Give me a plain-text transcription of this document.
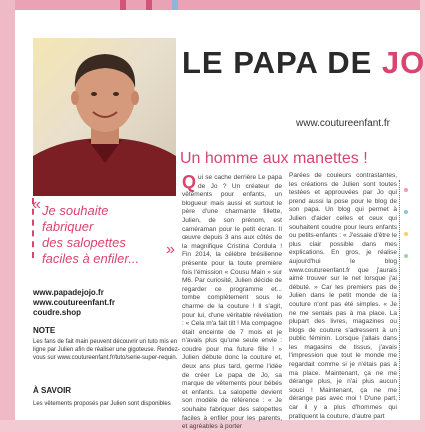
LE PAPA DE JO
www.coutureenfant.fr
Un homme aux manettes !
« Je souhaite
fabriquer
des salopettes
faciles à enfiler...
»
www.papadejojo.fr
www.coutureenfant.fr
coudre.shop
NOTE
Les fans de fait main peuvent découvrir un tuto mis en ligne par Julien afin de réaliser une gigoteuse. Rendez-vous sur www.coutureenfant.fr/tuto/serie-super-requin.
À SAVOIR
Les vêtements proposés par Julien sont disponibles

Qui se cache derrière Le papa de Jo ? Un créateur de vêtements pour enfants, un blogueur mais aussi et surtout le père d'une charmante fillette, Julien, de son prénom, est caméraman pour le petit écran. Il œuvre depuis 3 ans aux côtés de la magnifique Cristina Cordula ! Fin 2014, la célèbre brésilienne présente pour la toute première fois l'émission « Cousu Main » sur M6. Par curiosité, Julien décide de regarder ce programme et... tombe complètement sous le charme de la couture ! Il s'agit, pour lui, d'une véritable révélation : « Cela m'a fait tilt ! Ma compagne était enceinte de 7 mois et je n'avais plus qu'une seule envie : coudre pour ma future fille ! » Julien débute donc la couture et, deux ans plus tard, germe l'idée de créer Le papa de Jo, sa marque de vêtements pour bébés et enfants. La salopette devient son modèle de référence : « Je souhaite fabriquer des salopettes faciles à enfiler pour les parents, et agréables à porter

Parées de couleurs contrastantes, les créations de Julien sont toutes testées et approuvées par Jo qui prend aussi la pose pour le blog de son papa. Un blog qui permet à Julien d'aider celles et ceux qui souhaitent coudre pour leurs enfants ou petits-enfants : « J'essaie d'être le plus clair possible dans mes explications. En gros, je réalise aujourd'hui le blog www.coutureenfant.fr que j'aurais aimé trouver sur le net lorsque j'ai débuté. » Car les premiers pas de Julien dans le petit monde de la couture n'ont pas été simples. « Je ne me sentais pas à ma place. La plupart des livres, magazines ou blogs de couture s'adressent à un public féminin. Lorsque j'allais dans les magasins de tissus, j'avais l'impression que tout le monde me regardait comme si je n'étais pas à ma place. Maintenant, ça ne me dérange plus, je n'ai plus aucun souci ! Maintenant, ça ne me dérange pas avec moi ! D'une part, car il y a plus d'hommes qui pratiquent la couture, d'autre part
